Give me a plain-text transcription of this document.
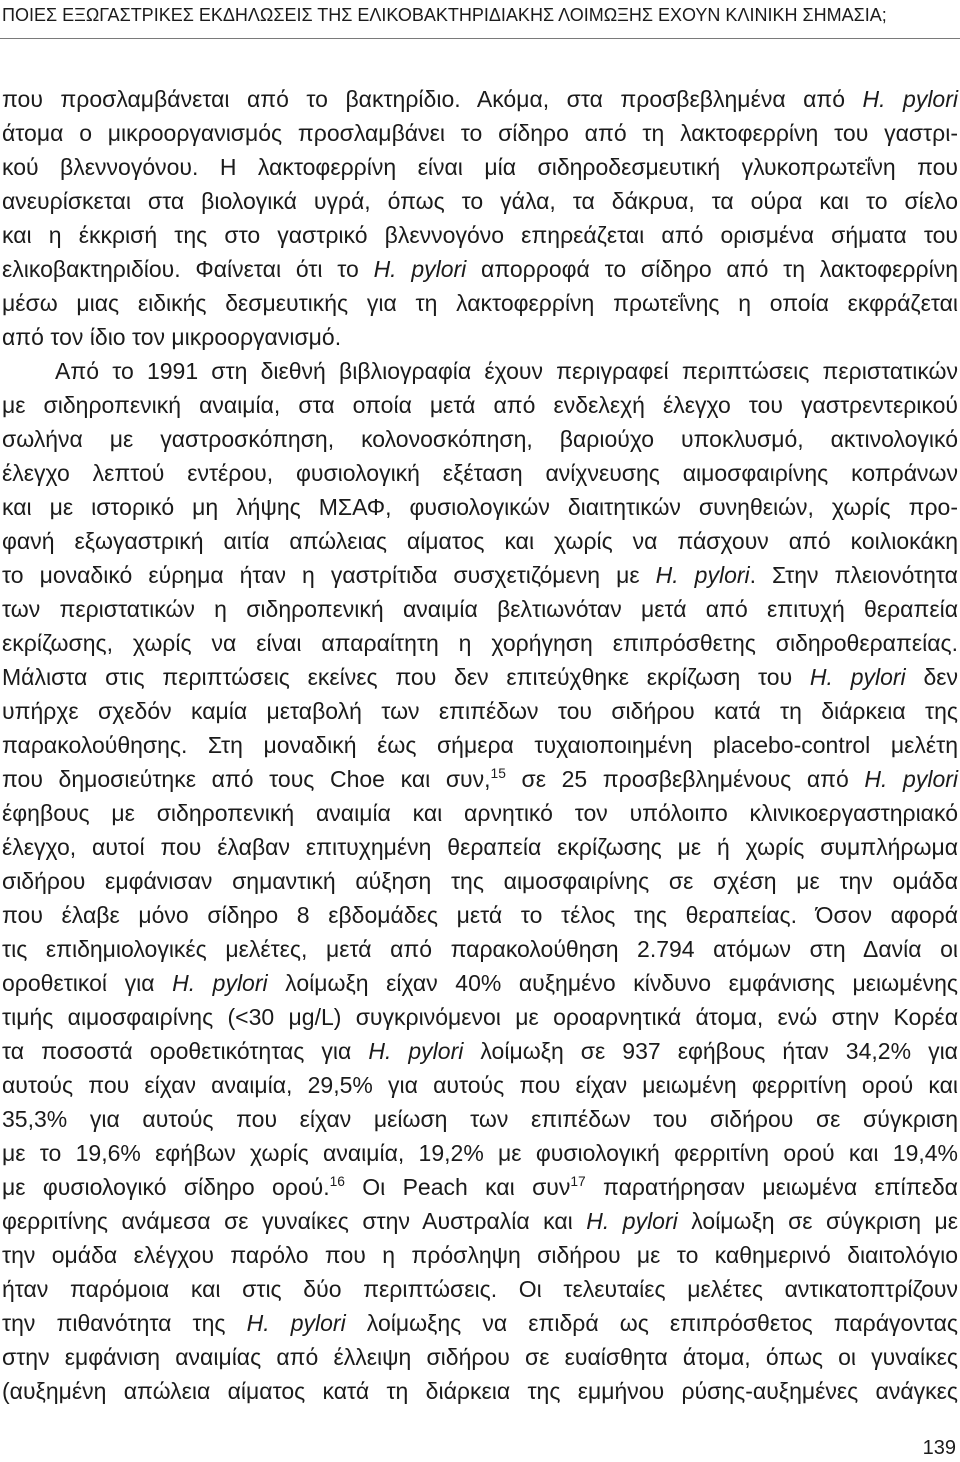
ΠΟΙΕΣ ΕΞΩΓΑΣΤΡΙΚΕΣ ΕΚΔΗΛΩΣΕΙΣ ΤΗΣ ΕΛΙΚΟΒΑΚΤΗΡΙΔΙΑΚΗΣ ΛΟΙΜΩΞΗΣ ΕΧΟΥΝ ΚΛΙΝΙΚΗ ΣΗΜΑΣΙΑ;
που προσλαμβάνεται από το βακτηρίδιο. Ακόμα, στα προσβεβλημένα από H. pylori
άτομα ο μικροοργανισμός προσλαμβάνει το σίδηρο από τη λακτοφερρίνη του γαστρι-
κού βλεννογόνου. Η λακτοφερρίνη είναι μία σιδηροδεσμευτική γλυκοπρωτεΐνη που
ανευρίσκεται στα βιολογικά υγρά, όπως το γάλα, τα δάκρυα, τα ούρα και το σίελο
και η έκκρισή της στο γαστρικό βλεννογόνο επηρεάζεται από ορισμένα σήματα του
ελικοβακτηριδίου. Φαίνεται ότι το H. pylori απορροφά το σίδηρο από τη λακτοφερρίνη
μέσω μιας ειδικής δεσμευτικής για τη λακτοφερρίνη πρωτεΐνης η οποία εκφράζεται
από τον ίδιο τον μικροοργανισμό.
Από το 1991 στη διεθνή βιβλιογραφία έχουν περιγραφεί περιπτώσεις περιστατικών
με σιδηροπενική αναιμία, στα οποία μετά από ενδελεχή έλεγχο του γαστρεντερικού
σωλήνα με γαστροσκόπηση, κολονοσκόπηση, βαριούχο υποκλυσμό, ακτινολογικό
έλεγχο λεπτού εντέρου, φυσιολογική εξέταση ανίχνευσης αιμοσφαιρίνης κοπράνων
και με ιστορικό μη λήψης ΜΣΑΦ, φυσιολογικών διαιτητικών συνηθειών, χωρίς προ-
φανή εξωγαστρική αιτία απώλειας αίματος και χωρίς να πάσχουν από κοιλιοκάκη
το μοναδικό εύρημα ήταν η γαστρίτιδα συσχετιζόμενη με H. pylori. Στην πλειονότητα
των περιστατικών η σιδηροπενική αναιμία βελτιωνόταν μετά από επιτυχή θεραπεία
εκρίζωσης, χωρίς να είναι απαραίτητη η χορήγηση επιπρόσθετης σιδηροθεραπείας.
Μάλιστα στις περιπτώσεις εκείνες που δεν επιτεύχθηκε εκρίζωση του H. pylori δεν
υπήρχε σχεδόν καμία μεταβολή των επιπέδων του σιδήρου κατά τη διάρκεια της
παρακολούθησης. Στη μοναδική έως σήμερα τυχαιοποιημένη placebo-control μελέτη
που δημοσιεύτηκε από τους Choe και συν,$^{15}$ σε 25 προσβεβλημένους από H. pylori
έφηβους με σιδηροπενική αναιμία και αρνητικό τον υπόλοιπο κλινικοεργαστηριακό
έλεγχο, αυτοί που έλαβαν επιτυχημένη θεραπεία εκρίζωσης με ή χωρίς συμπλήρωμα
σιδήρου εμφάνισαν σημαντική αύξηση της αιμοσφαιρίνης σε σχέση με την ομάδα
που έλαβε μόνο σίδηρο 8 εβδομάδες μετά το τέλος της θεραπείας. Όσον αφορά
τις επιδημιολογικές μελέτες, μετά από παρακολούθηση 2.794 ατόμων στη Δανία οι
οροθετικοί για H. pylori λοίμωξη είχαν 40% αυξημένο κίνδυνο εμφάνισης μειωμένης
τιμής αιμοσφαιρίνης (<30 μg/L) συγκρινόμενοι με οροαρνητικά άτομα, ενώ στην Κορέα
τα ποσοστά οροθετικότητας για H. pylori λοίμωξη σε 937 εφήβους ήταν 34,2% για
αυτούς που είχαν αναιμία, 29,5% για αυτούς που είχαν μειωμένη φερριτίνη ορού και
35,3% για αυτούς που είχαν μείωση των επιπέδων του σιδήρου σε σύγκριση
με το 19,6% εφήβων χωρίς αναιμία, 19,2% με φυσιολογική φερριτίνη ορού και 19,4%
με φυσιολογικό σίδηρο ορού.$^{16}$ Οι Peach και συν$^{17}$ παρατήρησαν μειωμένα επίπεδα
φερριτίνης ανάμεσα σε γυναίκες στην Αυστραλία και H. pylori λοίμωξη σε σύγκριση με
την ομάδα ελέγχου παρόλο που η πρόσληψη σιδήρου με το καθημερινό διαιτολόγιο
ήταν παρόμοια και στις δύο περιπτώσεις. Οι τελευταίες μελέτες αντικατοπτρίζουν
την πιθανότητα της H. pylori λοίμωξης να επιδρά ως επιπρόσθετος παράγοντας
στην εμφάνιση αναιμίας από έλλειψη σιδήρου σε ευαίσθητα άτομα, όπως οι γυναίκες
(αυξημένη απώλεια αίματος κατά τη διάρκεια της εμμήνου ρύσης-αυξημένες ανάγκες
139
